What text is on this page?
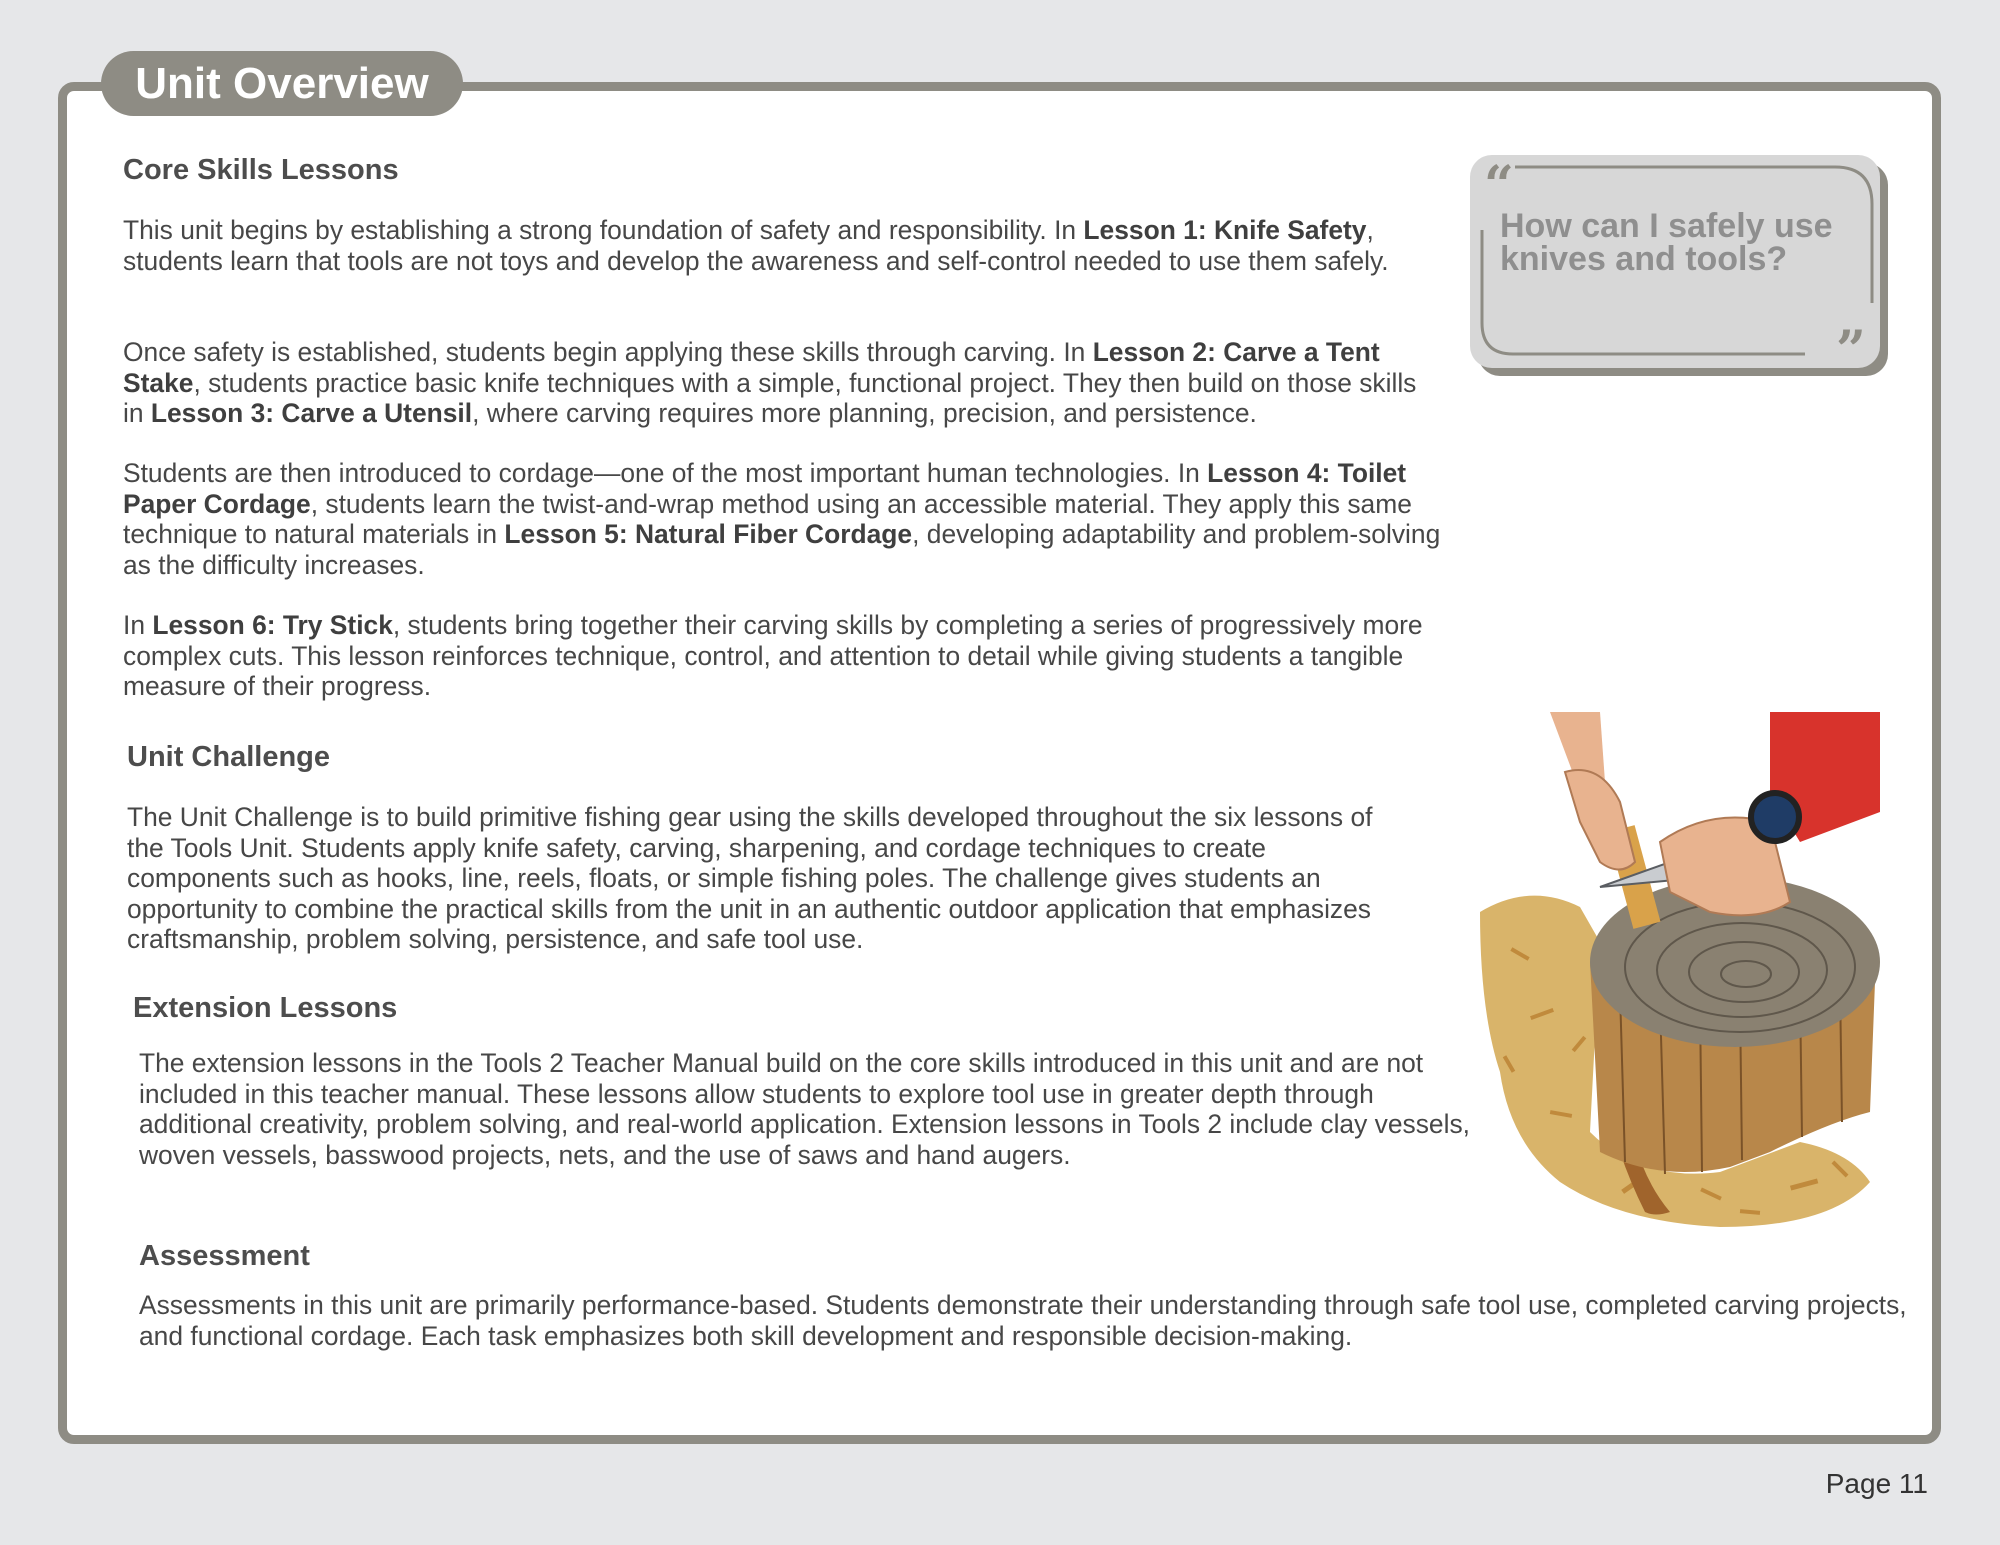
Unit Overview
Core Skills Lessons

This unit begins by establishing a strong foundation of safety and responsibility. In Lesson 1: Knife Safety, students learn that tools are not toys and develop the awareness and self-control needed to use them safely.

Once safety is established, students begin applying these skills through carving. In Lesson 2: Carve a Tent Stake, students practice basic knife techniques with a simple, functional project. They then build on those skills in Lesson 3: Carve a Utensil, where carving requires more planning, precision, and persistence.

Students are then introduced to cordage—one of the most important human technologies. In Lesson 4: Toilet Paper Cordage, students learn the twist-and-wrap method using an accessible material. They apply this same technique to natural materials in Lesson 5: Natural Fiber Cordage, developing adaptability and problem-solving as the difficulty increases.

In Lesson 6: Try Stick, students bring together their carving skills by completing a series of progressively more complex cuts. This lesson reinforces technique, control, and attention to detail while giving students a tangible measure of their progress.

Unit Challenge

The Unit Challenge is to build primitive fishing gear using the skills developed throughout the six lessons of the Tools Unit. Students apply knife safety, carving, sharpening, and cordage techniques to create components such as hooks, line, reels, floats, or simple fishing poles. The challenge gives students an opportunity to combine the practical skills from the unit in an authentic outdoor application that emphasizes craftsmanship, problem solving, persistence, and safe tool use.

Extension Lessons

The extension lessons in the Tools 2 Teacher Manual build on the core skills introduced in this unit and are not included in this teacher manual. These lessons allow students to explore tool use in greater depth through additional creativity, problem solving, and real-world application. Extension lessons in Tools 2 include clay vessels, woven vessels, basswood projects, nets, and the use of saws and hand augers.

Assessment

Assessments in this unit are primarily performance-based. Students demonstrate their understanding through safe tool use, completed carving projects, and functional cordage. Each task emphasizes both skill development and responsible decision-making.

“
”
How can I safely use knives and tools?
Page 11
